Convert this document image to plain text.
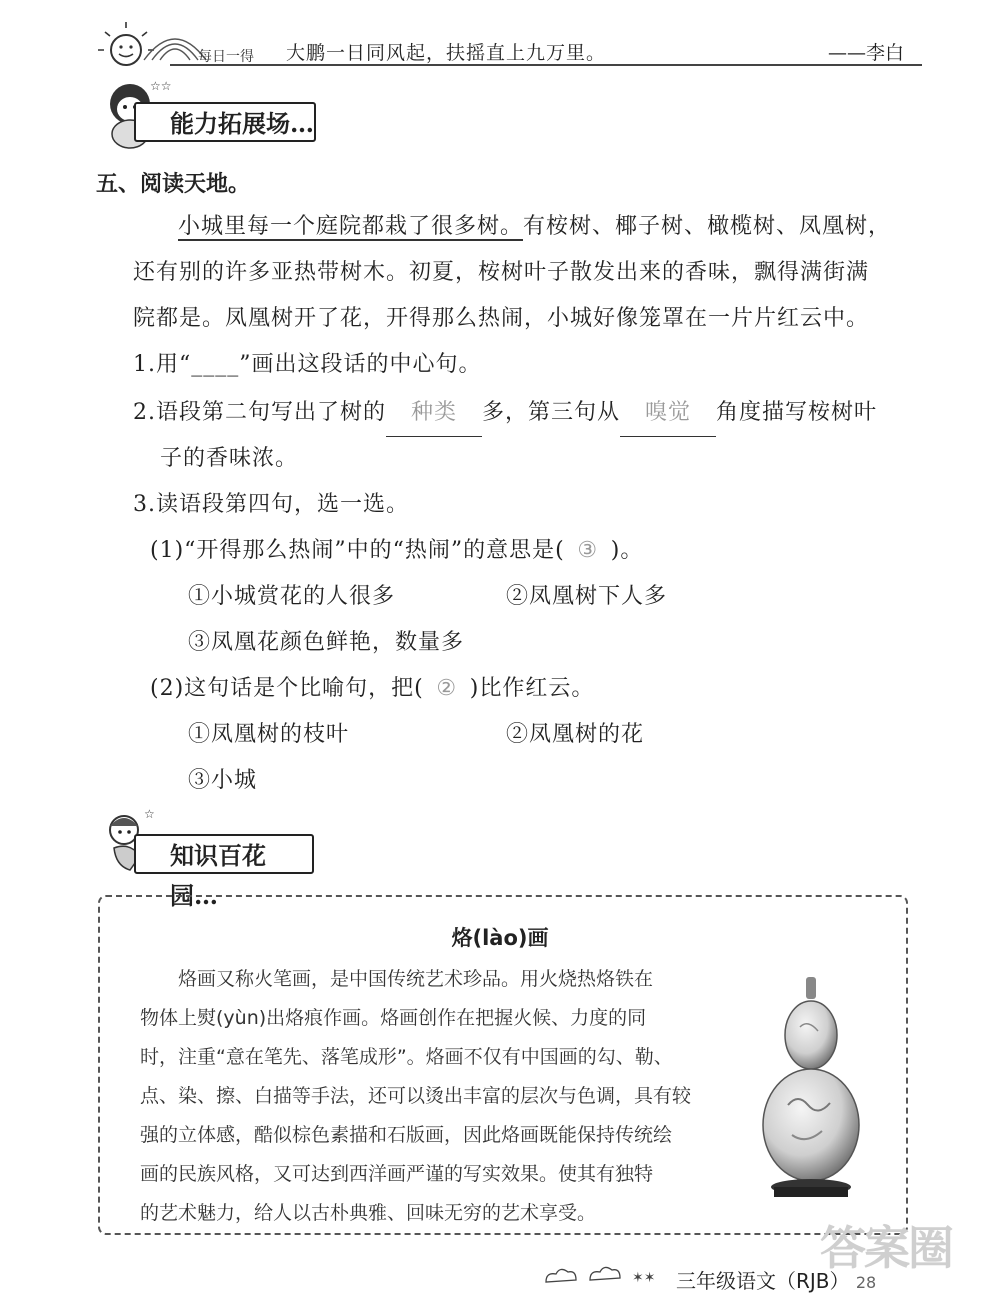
每日一得 大鹏一日同风起，扶摇直上九万里。	——李白
☆☆
能力拓展场…
五、阅读天地。
小城里每一个庭院都栽了很多树。有桉树、椰子树、橄榄树、凤凰树，
还有别的许多亚热带树木。初夏，桉树叶子散发出来的香味，飘得满街满
院都是。凤凰树开了花，开得那么热闹，小城好像笼罩在一片片红云中。
1.用“____”画出这段话的中心句。
2.语段第二句写出了树的 种类 多，第三句从 嗅觉 角度描写桉树叶
子的香味浓。
3.读语段第四句，选一选。
(1)“开得那么热闹”中的“热闹”的意思是( ③ )。
①小城赏花的人很多	②凤凰树下人多
③凤凰花颜色鲜艳，数量多
(2)这句话是个比喻句，把( ② )比作红云。
①凤凰树的枝叶	②凤凰树的花
③小城
☆
知识百花园…
烙(lào)画

烙画又称火笔画，是中国传统艺术珍品。用火烧热烙铁在

物体上熨(yùn)出烙痕作画。烙画创作在把握火候、力度的同

时，注重“意在笔先、落笔成形”。烙画不仅有中国画的勾、勒、

点、染、擦、白描等手法，还可以烫出丰富的层次与色调，具有较

强的立体感，酷似棕色素描和石版画，因此烙画既能保持传统绘

画的民族风格，又可达到西洋画严谨的写实效果。使其有独特

的艺术魅力，给人以古朴典雅、回味无穷的艺术享受。

✶✶ 三年级语文（RJB） 28
答案圈
